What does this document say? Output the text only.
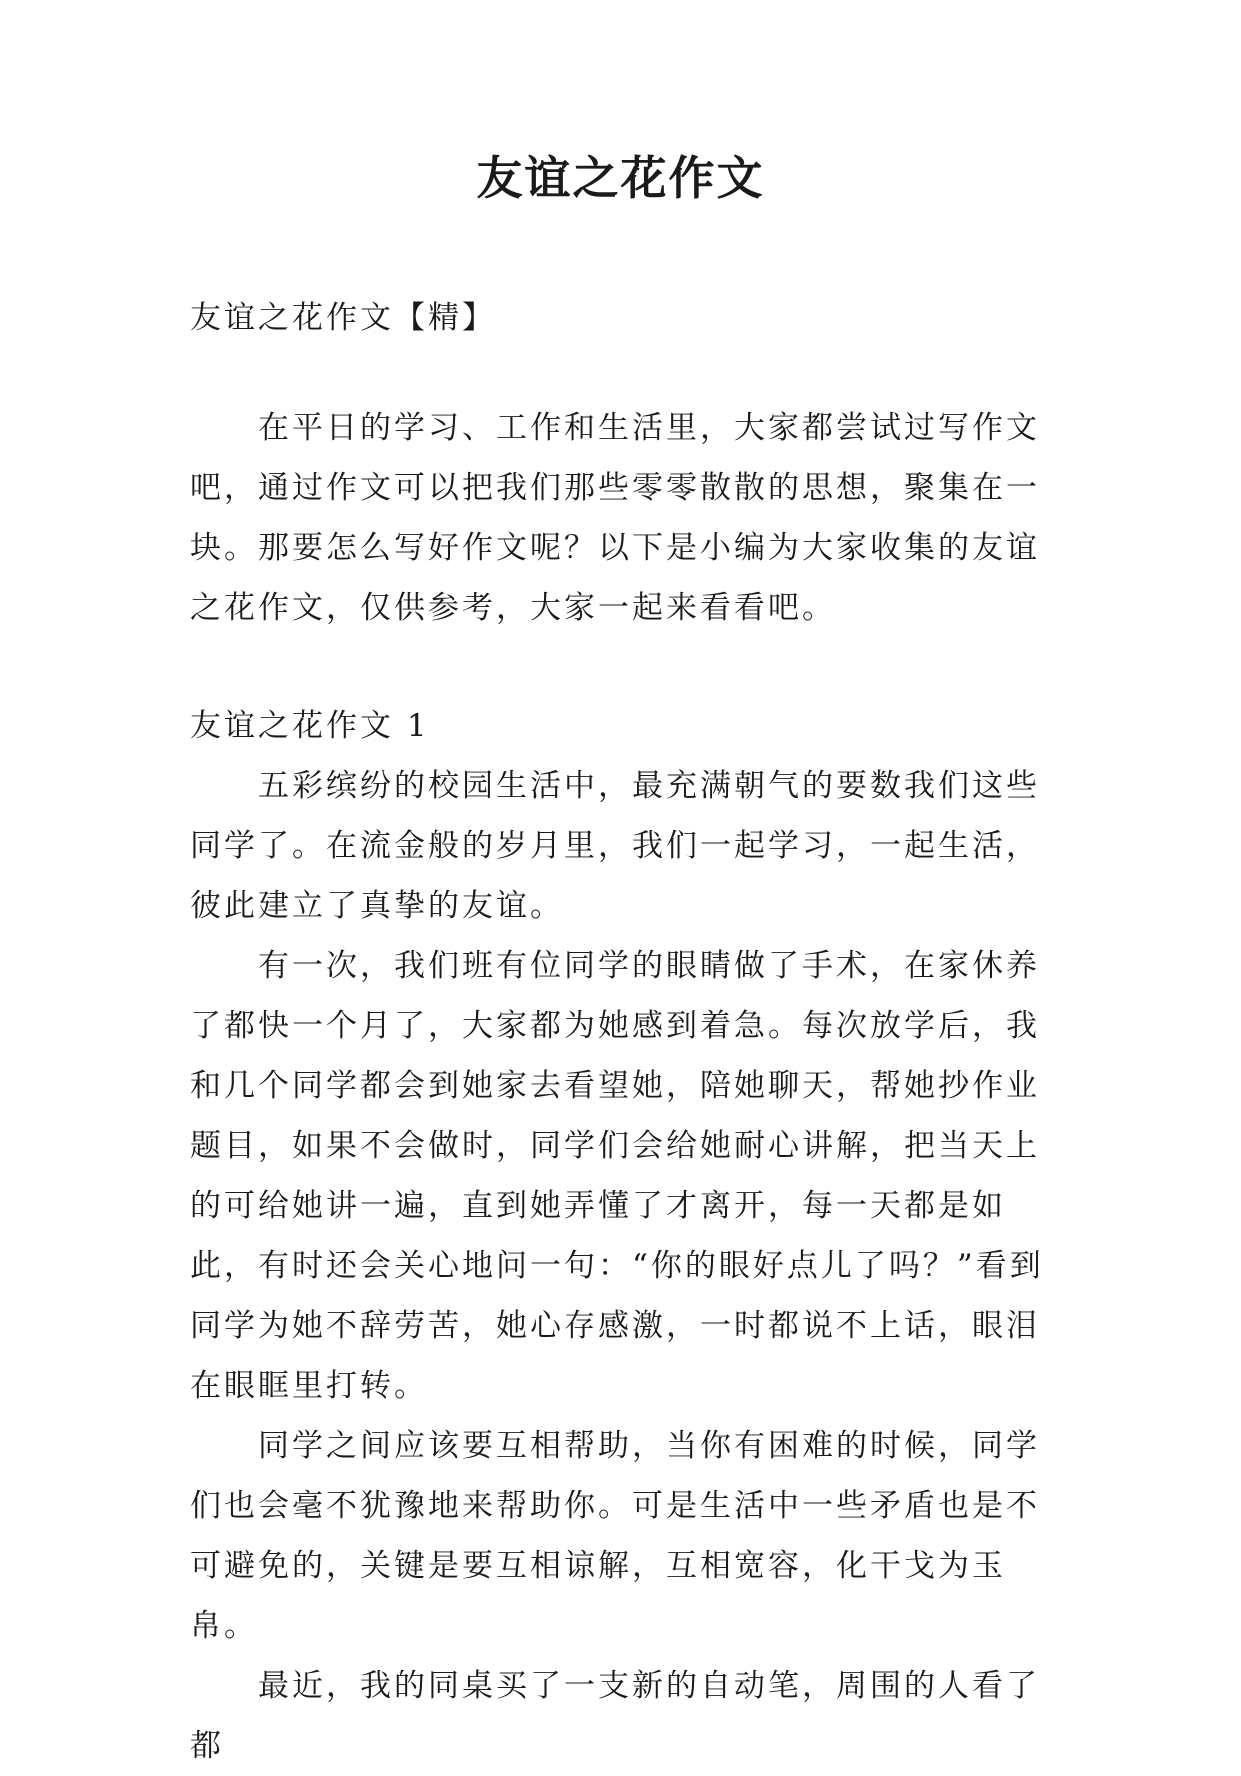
友谊之花作文

友谊之花作文【精】

在平日的学习、工作和生活里，大家都尝试过写作文吧，通过作文可以把我们那些零零散散的思想，聚集在一块。那要怎么写好作文呢？以下是小编为大家收集的友谊之花作文，仅供参考，大家一起来看看吧。

友谊之花作文 1

五彩缤纷的校园生活中，最充满朝气的要数我们这些同学了。在流金般的岁月里，我们一起学习，一起生活，彼此建立了真挚的友谊。

有一次，我们班有位同学的眼睛做了手术，在家休养了都快一个月了，大家都为她感到着急。每次放学后，我和几个同学都会到她家去看望她，陪她聊天，帮她抄作业题目，如果不会做时，同学们会给她耐心讲解，把当天上的可给她讲一遍，直到她弄懂了才离开，每一天都是如此，有时还会关心地问一句：“你的眼好点儿了吗？”看到同学为她不辞劳苦，她心存感激，一时都说不上话，眼泪在眼眶里打转。

同学之间应该要互相帮助，当你有困难的时候，同学们也会毫不犹豫地来帮助你。可是生活中一些矛盾也是不可避免的，关键是要互相谅解，互相宽容，化干戈为玉帛。

最近，我的同桌买了一支新的自动笔，周围的人看了都
